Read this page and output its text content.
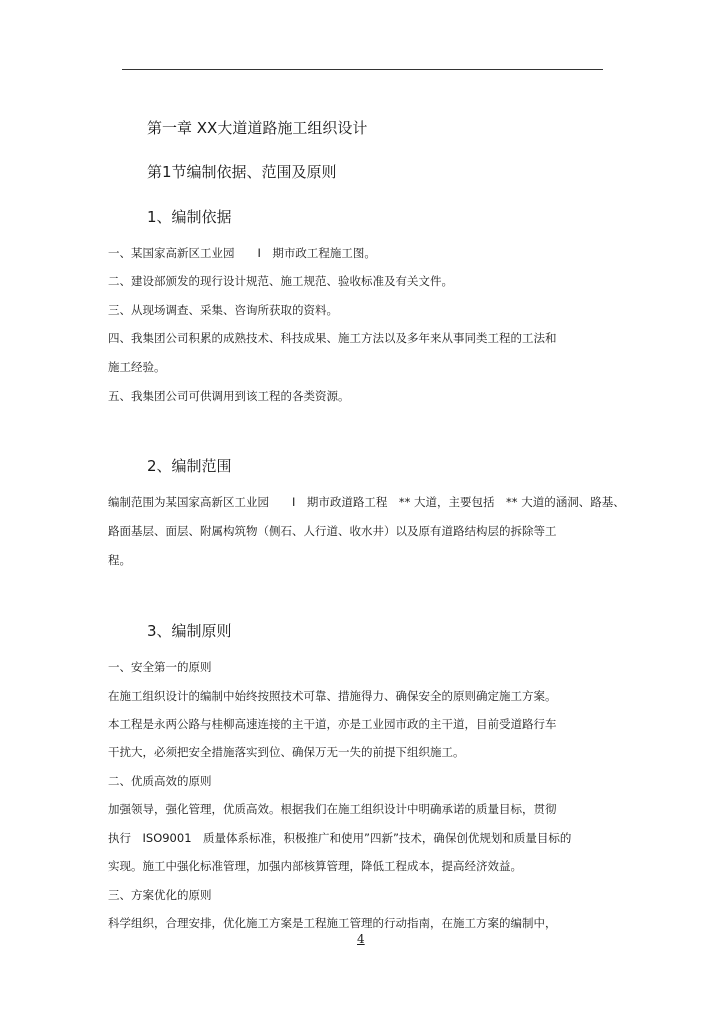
第一章 XX大道道路施工组织设计
第1节编制依据、范围及原则
1、编制依据
一、某国家高新区工业园　　I　期市政工程施工图。
二、建设部颁发的现行设计规范、施工规范、验收标准及有关文件。
三、从现场调查、采集、咨询所获取的资料。
四、我集团公司积累的成熟技术、科技成果、施工方法以及多年来从事同类工程的工法和
施工经验。
五、我集团公司可供调用到该工程的各类资源。
2、编制范围
编制范围为某国家高新区工业园　　I　期市政道路工程　** 大道，主要包括　** 大道的涵洞、路基、
路面基层、面层、附属构筑物（侧石、人行道、收水井）以及原有道路结构层的拆除等工
程。
3、编制原则
一、安全第一的原则
在施工组织设计的编制中始终按照技术可靠、措施得力、确保安全的原则确定施工方案。
本工程是永两公路与桂柳高速连接的主干道，亦是工业园市政的主干道，目前受道路行车
干扰大，必须把安全措施落实到位、确保万无一失的前提下组织施工。
二、优质高效的原则
加强领导，强化管理，优质高效。根据我们在施工组织设计中明确承诺的质量目标，贯彻
执行　ISO9001　质量体系标准，积极推广和使用”四新”技术，确保创优规划和质量目标的
实现。施工中强化标准管理，加强内部核算管理，降低工程成本，提高经济效益。
三、方案优化的原则
科学组织，合理安排，优化施工方案是工程施工管理的行动指南，在施工方案的编制中，
4
